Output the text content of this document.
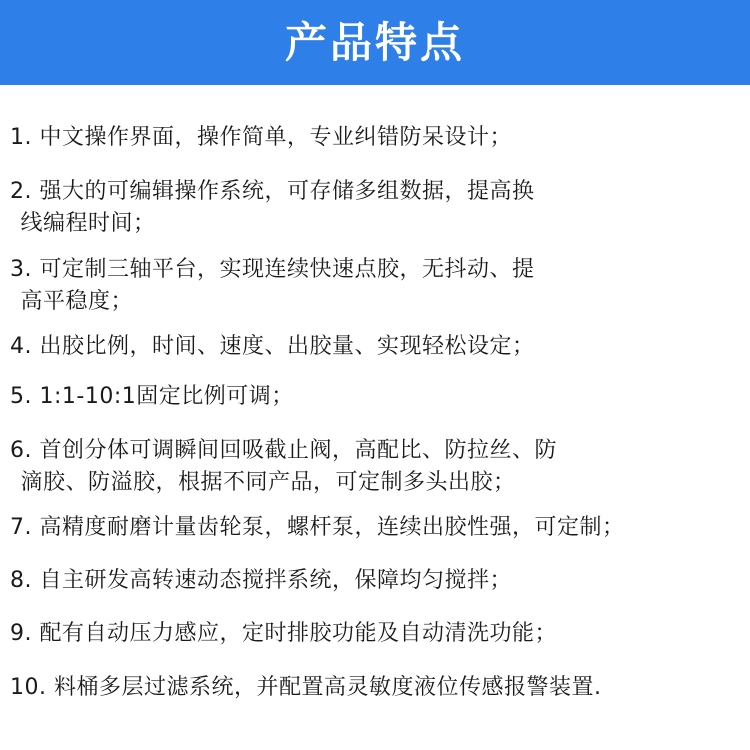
产品特点
1. 中文操作界面，操作简单，专业纠错防呆设计；
2. 强大的可编辑操作系统，可存储多组数据，提高换
线编程时间；
3. 可定制三轴平台，实现连续快速点胶，无抖动、提
高平稳度；
4. 出胶比例，时间、速度、出胶量、实现轻松设定；
5. 1:1-10:1固定比例可调；
6. 首创分体可调瞬间回吸截止阀，高配比、防拉丝、防
滴胶、防溢胶，根据不同产品，可定制多头出胶；
7. 高精度耐磨计量齿轮泵，螺杆泵，连续出胶性强，可定制；
8. 自主研发高转速动态搅拌系统，保障均匀搅拌；
9. 配有自动压力感应，定时排胶功能及自动清洗功能；
10. 料桶多层过滤系统，并配置高灵敏度液位传感报警装置.
